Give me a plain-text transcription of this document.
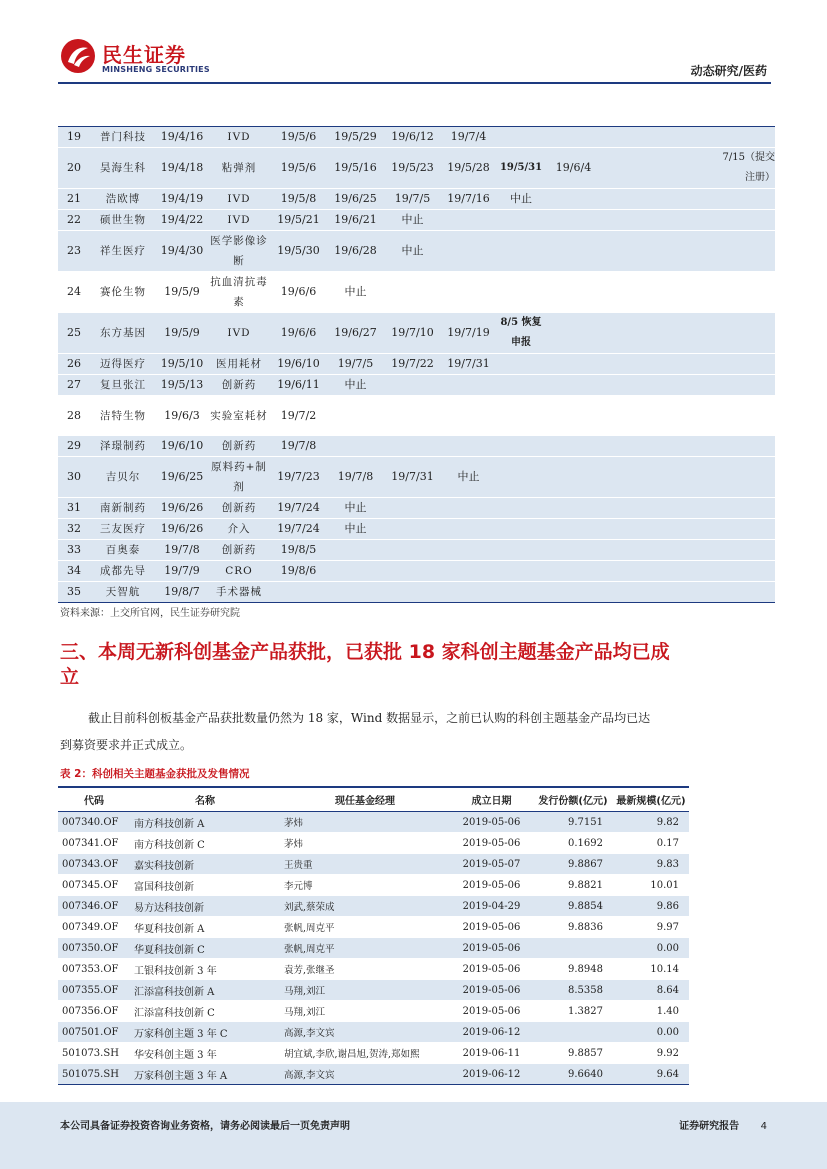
民生证券
MINSHENG SECURITIES	动态研究/医药
19	普门科技	19/4/16	IVD	19/5/6	19/5/29	19/6/12	19/7/4				
20	昊海生科	19/4/18	粘弹剂	19/5/6	19/5/16	19/5/23	19/5/28	19/5/31	19/6/4		7/15（提交注册）
21	浩欧博	19/4/19	IVD	19/5/8	19/6/25	19/7/5	19/7/16	中止			
22	硕世生物	19/4/22	IVD	19/5/21	19/6/21	中止					
23	祥生医疗	19/4/30	医学影像诊断	19/5/30	19/6/28	中止					
24	赛伦生物	19/5/9	抗血清抗毒素	19/6/6	中止						
25	东方基因	19/5/9	IVD	19/6/6	19/6/27	19/7/10	19/7/19	8/5 恢复申报			
26	迈得医疗	19/5/10	医用耗材	19/6/10	19/7/5	19/7/22	19/7/31				
27	复旦张江	19/5/13	创新药	19/6/11	中止						
28	洁特生物	19/6/3	实验室耗材	19/7/2							
29	泽璟制药	19/6/10	创新药	19/7/8							
30	吉贝尔	19/6/25	原料药+制剂	19/7/23	19/7/8	19/7/31	中止				
31	南新制药	19/6/26	创新药	19/7/24	中止						
32	三友医疗	19/6/26	介入	19/7/24	中止						
33	百奥泰	19/7/8	创新药	19/8/5							
34	成都先导	19/7/9	CRO	19/8/6							
35	天智航	19/8/7	手术器械								
资料来源：上交所官网，民生证券研究院
三、本周无新科创基金产品获批，已获批 18 家科创主题基金产品均已成立
截止目前科创板基金产品获批数量仍然为 18 家，Wind 数据显示，之前已认购的科创主题基金产品均已达到募资要求并正式成立。
表 2：科创相关主题基金获批及发售情况
代码	名称	现任基金经理	成立日期	发行份额(亿元)	最新规模(亿元)
007340.OF	南方科技创新 A	茅炜	2019-05-06	9.7151	9.82
007341.OF	南方科技创新 C	茅炜	2019-05-06	0.1692	0.17
007343.OF	嘉实科技创新	王贵重	2019-05-07	9.8867	9.83
007345.OF	富国科技创新	李元博	2019-05-06	9.8821	10.01
007346.OF	易方达科技创新	刘武,蔡荣成	2019-04-29	9.8854	9.86
007349.OF	华夏科技创新 A	张帆,周克平	2019-05-06	9.8836	9.97
007350.OF	华夏科技创新 C	张帆,周克平	2019-05-06		0.00
007353.OF	工银科技创新 3 年	袁芳,张继圣	2019-05-06	9.8948	10.14
007355.OF	汇添富科技创新 A	马翔,刘江	2019-05-06	8.5358	8.64
007356.OF	汇添富科技创新 C	马翔,刘江	2019-05-06	1.3827	1.40
007501.OF	万家科创主题 3 年 C	高源,李文宾	2019-06-12		0.00
501073.SH	华安科创主题 3 年	胡宜斌,李欣,谢昌旭,贺涛,郑如熙	2019-06-11	9.8857	9.92
501075.SH	万家科创主题 3 年 A	高源,李文宾	2019-06-12	9.6640	9.64
本公司具备证券投资咨询业务资格，请务必阅读最后一页免责声明	证券研究报告 4
